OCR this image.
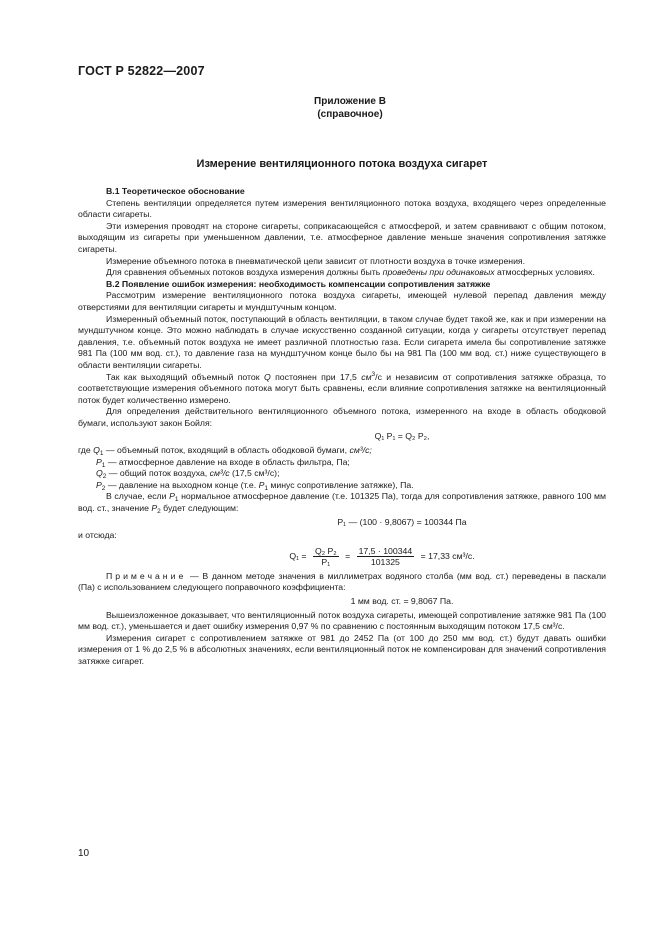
ГОСТ Р 52822—2007
Приложение В
(справочное)
Измерение вентиляционного потока воздуха сигарет

В.1 Теоретическое обоснование

Степень вентиляции определяется путем измерения вентиляционного потока воздуха, входящего через определенные области сигареты.

Эти измерения проводят на стороне сигареты, соприкасающейся с атмосферой, и затем сравнивают с общим потоком, выходящим из сигареты при уменьшенном давлении, т.е. атмосферное давление меньше значения сопротивления затяжке сигареты.

Измерение объемного потока в пневматической цепи зависит от плотности воздуха в точке измерения.

Для сравнения объемных потоков воздуха измерения должны быть проведены при одинаковых атмосферных условиях.

В.2 Появление ошибок измерения: необходимость компенсации сопротивления затяжке

Рассмотрим измерение вентиляционного потока воздуха сигареты, имеющей нулевой перепад давления между отверстиями для вентиляции сигареты и мундштучным концом.

Измеренный объемный поток, поступающий в область вентиляции, в таком случае будет такой же, как и при измерении на мундштучном конце. Это можно наблюдать в случае искусственно созданной ситуации, когда у сигареты отсутствует перепад давления, т.е. объемный поток воздуха не имеет различной плотностью газа. Если сигарета имела бы сопротивление затяжке 981 Па (100 мм вод. ст.), то давление газа на мундштучном конце было бы на 981 Па (100 мм вод. ст.) ниже существующего в области вентиляции сигареты.

Так как выходящий объемный поток Q постоянен при 17,5 $см^3/с$ и независим от сопротивления затяжке образца, то соответствующие измерения объемного потока могут быть сравнены, если влияние сопротивления затяжке на вентиляционный поток будет количественно измерено.

Для определения действительного вентиляционного объемного потока, измеренного на входе в область ободковой бумаги, используют закон Бойля:

Q₁ P₁ = Q₂ P₂,

где $Q_1$ — объемный поток, входящий в область ободковой бумаги, см³/с;

$P_1$ — атмосферное давление на входе в область фильтра, Па;

$Q_2$ — общий поток воздуха, см³/с (17,5 см³/с);

$P_2$ — давление на выходном конце (т.е. $P_1$ минус сопротивление затяжке), Па.

В случае, если $P_1$ нормальное атмосферное давление (т.е. 101325 Па), тогда для сопротивления затяжке, равного 100 мм вод. ст., значение $P_2$ будет следующим:

P₁ — (100 · 9,8067) = 100344 Па

и отсюда:

$Q_1 = \frac{\text{Q₂ P₂}}{\text{P₁}} = \frac{17,5 \cdot 100344}{101325} = 17,33$ см³/с.

Примечание — В данном методе значения в миллиметрах водяного столба (мм вод. ст.) переведены в паскали (Па) с использованием следующего поправочного коэффициента:

1 мм вод. ст. = 9,8067 Па.

Вышеизложенное доказывает, что вентиляционный поток воздуха сигареты, имеющей сопротивление затяжке 981 Па (100 мм вод. ст.), уменьшается и дает ошибку измерения 0,97 % по сравнению с постоянным выходящим потоком 17,5 см³/с.

Измерения сигарет с сопротивлением затяжке от 981 до 2452 Па (от 100 до 250 мм вод. ст.) будут давать ошибки измерения от 1 % до 2,5 % в абсолютных значениях, если вентиляционный поток не компенсирован для значений сопротивления затяжке сигарет.

10
